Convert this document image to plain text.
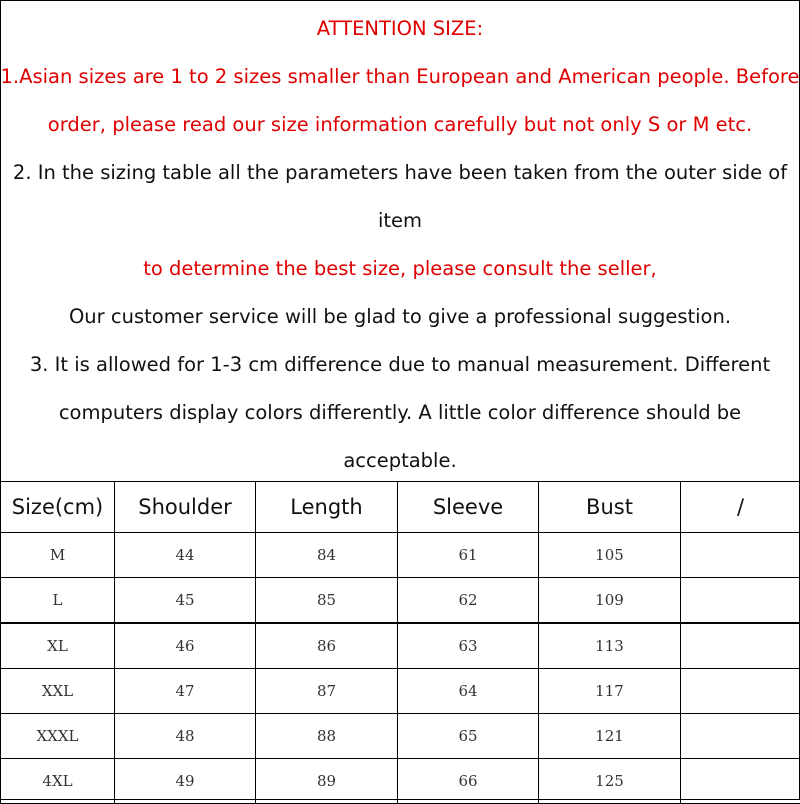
ATTENTION SIZE:
1.Asian sizes are 1 to 2 sizes smaller than European and American people. Before
order, please read our size information carefully but not only S or M etc.
2. In the sizing table all the parameters have been taken from the outer side of
item
to determine the best size, please consult the seller,
Our customer service will be glad to give a professional suggestion.
3. It is allowed for 1-3 cm difference due to manual measurement. Different
computers display colors differently. A little color difference should be
acceptable.
Size(cm)	Shoulder	Length	Sleeve	Bust	/
M	44	84	61	105	
L	45	85	62	109	
XL	46	86	63	113	
XXL	47	87	64	117	
XXXL	48	88	65	121	
4XL	49	89	66	125	
